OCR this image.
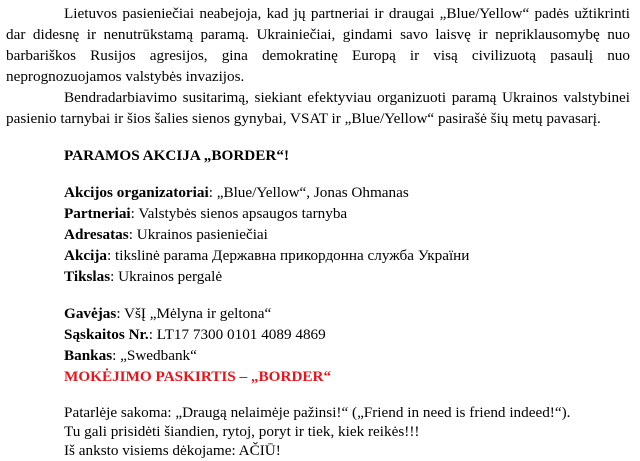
Lietuvos pasieniečiai neabejoja, kad jų partneriai ir draugai „Blue/Yellow“ padės užtikrinti
dar didesnę ir nenutrūkstamą paramą. Ukrainiečiai, gindami savo laisvę ir nepriklausomybę nuo
barbariškos Rusijos agresijos, gina demokratinę Europą ir visą civilizuotą pasaulį nuo
neprognozuojamos valstybės invazijos.
Bendradarbiavimo susitarimą, siekiant efektyviau organizuoti paramą Ukrainos valstybinei
pasienio tarnybai ir šios šalies sienos gynybai, VSAT ir „Blue/Yellow“ pasirašė šių metų pavasarį.
PARAMOS AKCIJA „BORDER“!
Akcijos organizatoriai: „Blue/Yellow“, Jonas Ohmanas
Partneriai: Valstybės sienos apsaugos tarnyba
Adresatas: Ukrainos pasieniečiai
Akcija: tikslinė parama Державна прикордонна служба України
Tikslas: Ukrainos pergalė
Gavėjas: VšĮ „Mėlyna ir geltona“
Sąskaitos Nr.: LT17 7300 0101 4089 4869
Bankas: „Swedbank“
MOKĖJIMO PASKIRTIS – „BORDER“
Patarlėje sakoma: „Draugą nelaimėje pažinsi!“ („Friend in need is friend indeed!“).
Tu gali prisidėti šiandien, rytoj, poryt ir tiek, kiek reikės!!!
Iš anksto visiems dėkojame: AČIŪ!
